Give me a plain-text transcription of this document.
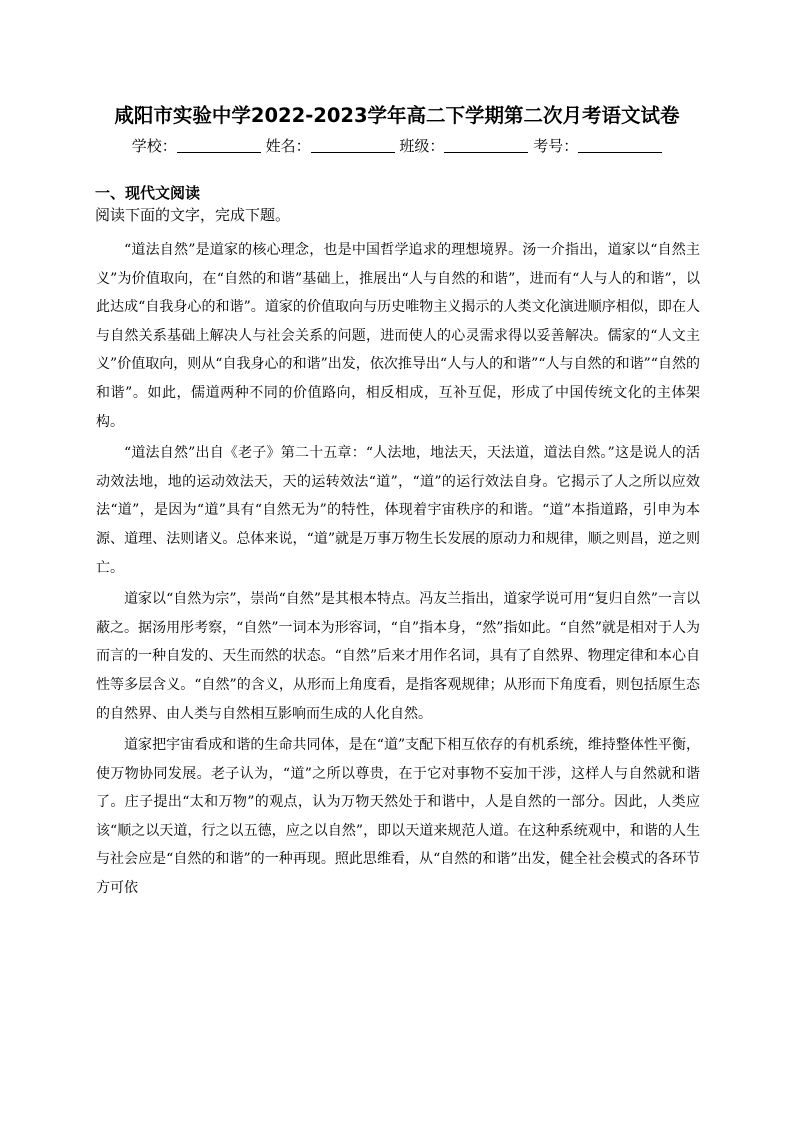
咸阳市实验中学2022-2023学年高二下学期第二次月考语文试卷
学校：	姓名：	班级：	考号：
一、现代文阅读
阅读下面的文字，完成下题。

“道法自然”是道家的核心理念，也是中国哲学追求的理想境界。汤一介指出，道家以“自然主义”为价值取向，在“自然的和谐”基础上，推展出“人与自然的和谐”，进而有“人与人的和谐”，以此达成“自我身心的和谐”。道家的价值取向与历史唯物主义揭示的人类文化演进顺序相似，即在人与自然关系基础上解决人与社会关系的问题，进而使人的心灵需求得以妥善解决。儒家的“人文主义”价值取向，则从“自我身心的和谐”出发，依次推导出“人与人的和谐”“人与自然的和谐”“自然的和谐”。如此，儒道两种不同的价值路向，相反相成，互补互促，形成了中国传统文化的主体架构。

“道法自然”出自《老子》第二十五章：“人法地，地法天，天法道，道法自然。”这是说人的活动效法地，地的运动效法天，天的运转效法“道”，“道”的运行效法自身。它揭示了人之所以应效法“道”，是因为“道”具有“自然无为”的特性，体现着宇宙秩序的和谐。“道”本指道路，引申为本源、道理、法则诸义。总体来说，“道”就是万事万物生长发展的原动力和规律，顺之则昌，逆之则亡。

道家以“自然为宗”，崇尚“自然”是其根本特点。冯友兰指出，道家学说可用“复归自然”一言以蔽之。据汤用彤考察，“自然”一词本为形容词，“自”指本身，“然”指如此。“自然”就是相对于人为而言的一种自发的、天生而然的状态。“自然”后来才用作名词，具有了自然界、物理定律和本心自性等多层含义。“自然”的含义，从形而上角度看，是指客观规律；从形而下角度看，则包括原生态的自然界、由人类与自然相互影响而生成的人化自然。

道家把宇宙看成和谐的生命共同体，是在“道”支配下相互依存的有机系统，维持整体性平衡，使万物协同发展。老子认为，“道”之所以尊贵，在于它对事物不妄加干涉，这样人与自然就和谐了。庄子提出“太和万物”的观点，认为万物天然处于和谐中，人是自然的一部分。因此，人类应该“顺之以天道，行之以五德，应之以自然”，即以天道来规范人道。在这种系统观中，和谐的人生与社会应是“自然的和谐”的一种再现。照此思维看，从“自然的和谐”出发，健全社会模式的各环节方可依
